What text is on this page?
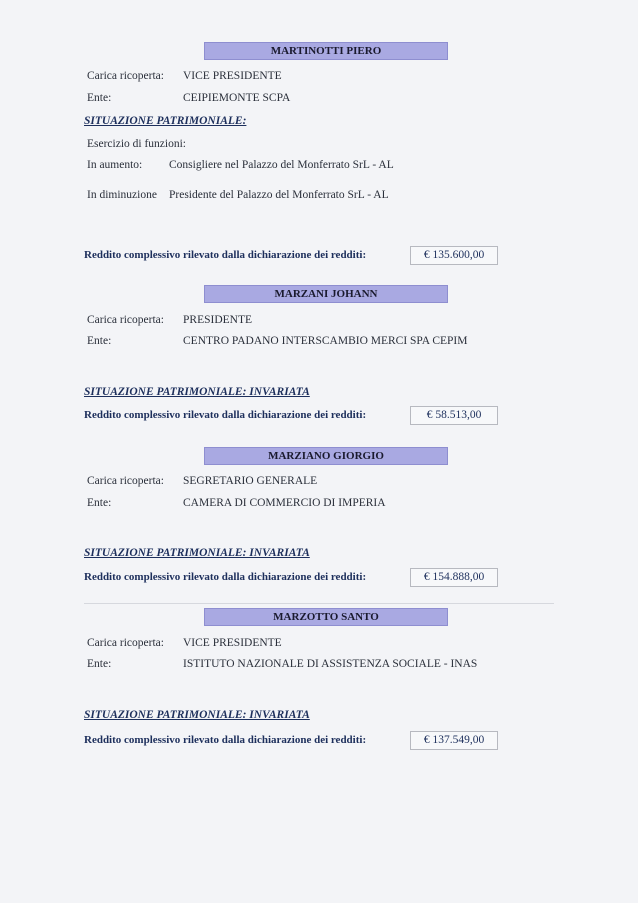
MARTINOTTI PIERO
Carica ricoperta: VICE PRESIDENTE
Ente:	CEIPIEMONTE SCPA
SITUAZIONE PATRIMONIALE:
Esercizio di funzioni:
In aumento: Consigliere nel Palazzo del Monferrato SrL - AL
In diminuzione Presidente del Palazzo del Monferrato SrL - AL
Reddito complessivo rilevato dalla dichiarazione dei redditi:	€ 135.600,00
MARZANI JOHANN
Carica ricoperta: PRESIDENTE
Ente:	CENTRO PADANO INTERSCAMBIO MERCI SPA CEPIM
SITUAZIONE PATRIMONIALE: INVARIATA
Reddito complessivo rilevato dalla dichiarazione dei redditi:	€ 58.513,00
MARZIANO GIORGIO
Carica ricoperta: SEGRETARIO GENERALE
Ente:	CAMERA DI COMMERCIO DI IMPERIA
SITUAZIONE PATRIMONIALE: INVARIATA
Reddito complessivo rilevato dalla dichiarazione dei redditi:	€ 154.888,00
MARZOTTO SANTO
Carica ricoperta: VICE PRESIDENTE
Ente:	ISTITUTO NAZIONALE DI ASSISTENZA SOCIALE - INAS
SITUAZIONE PATRIMONIALE: INVARIATA
Reddito complessivo rilevato dalla dichiarazione dei redditi:	€ 137.549,00
